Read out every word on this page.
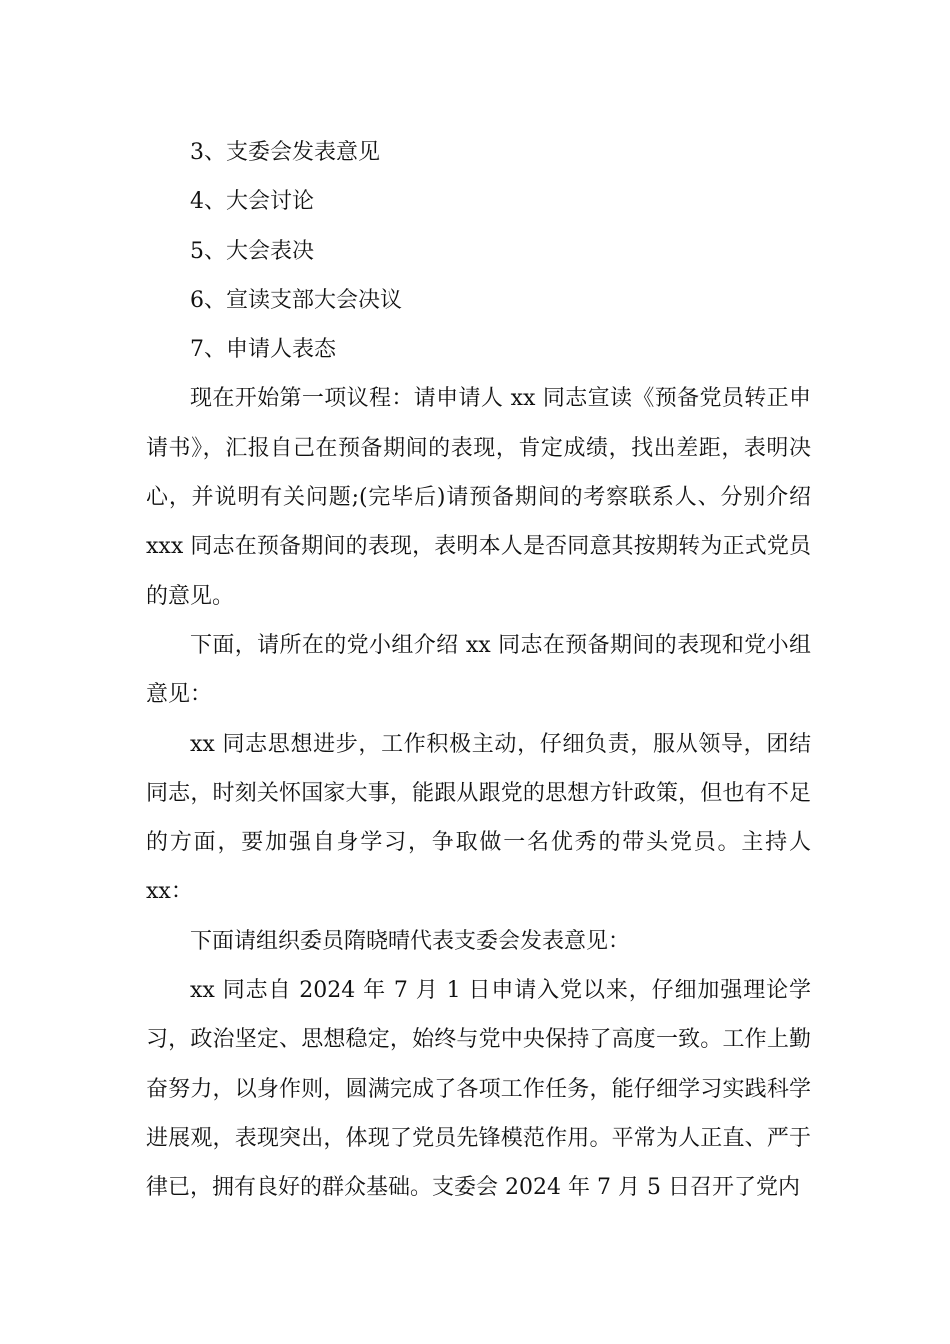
3、支委会发表意见

4、大会讨论

5、大会表决

6、宣读支部大会决议

7、申请人表态

现在开始第一项议程：请申请人 xx 同志宣读《预备党员转正申请书》，汇报自己在预备期间的表现，肯定成绩，找出差距，表明决心，并说明有关问题;(完毕后)请预备期间的考察联系人、分别介绍 xxx 同志在预备期间的表现，表明本人是否同意其按期转为正式党员的意见。

下面，请所在的党小组介绍 xx 同志在预备期间的表现和党小组意见：

xx 同志思想进步，工作积极主动，仔细负责，服从领导，团结同志，时刻关怀国家大事，能跟从跟党的思想方针政策，但也有不足的方面，要加强自身学习，争取做一名优秀的带头党员。主持人 xx：

下面请组织委员隋晓晴代表支委会发表意见：

xx 同志自 2024 年 7 月 1 日申请入党以来，仔细加强理论学习，政治坚定、思想稳定，始终与党中央保持了高度一致。工作上勤奋努力，以身作则，圆满完成了各项工作任务，能仔细学习实践科学进展观，表现突出，体现了党员先锋模范作用。平常为人正直、严于律已，拥有良好的群众基础。支委会 2024 年 7 月 5 日召开了党内
